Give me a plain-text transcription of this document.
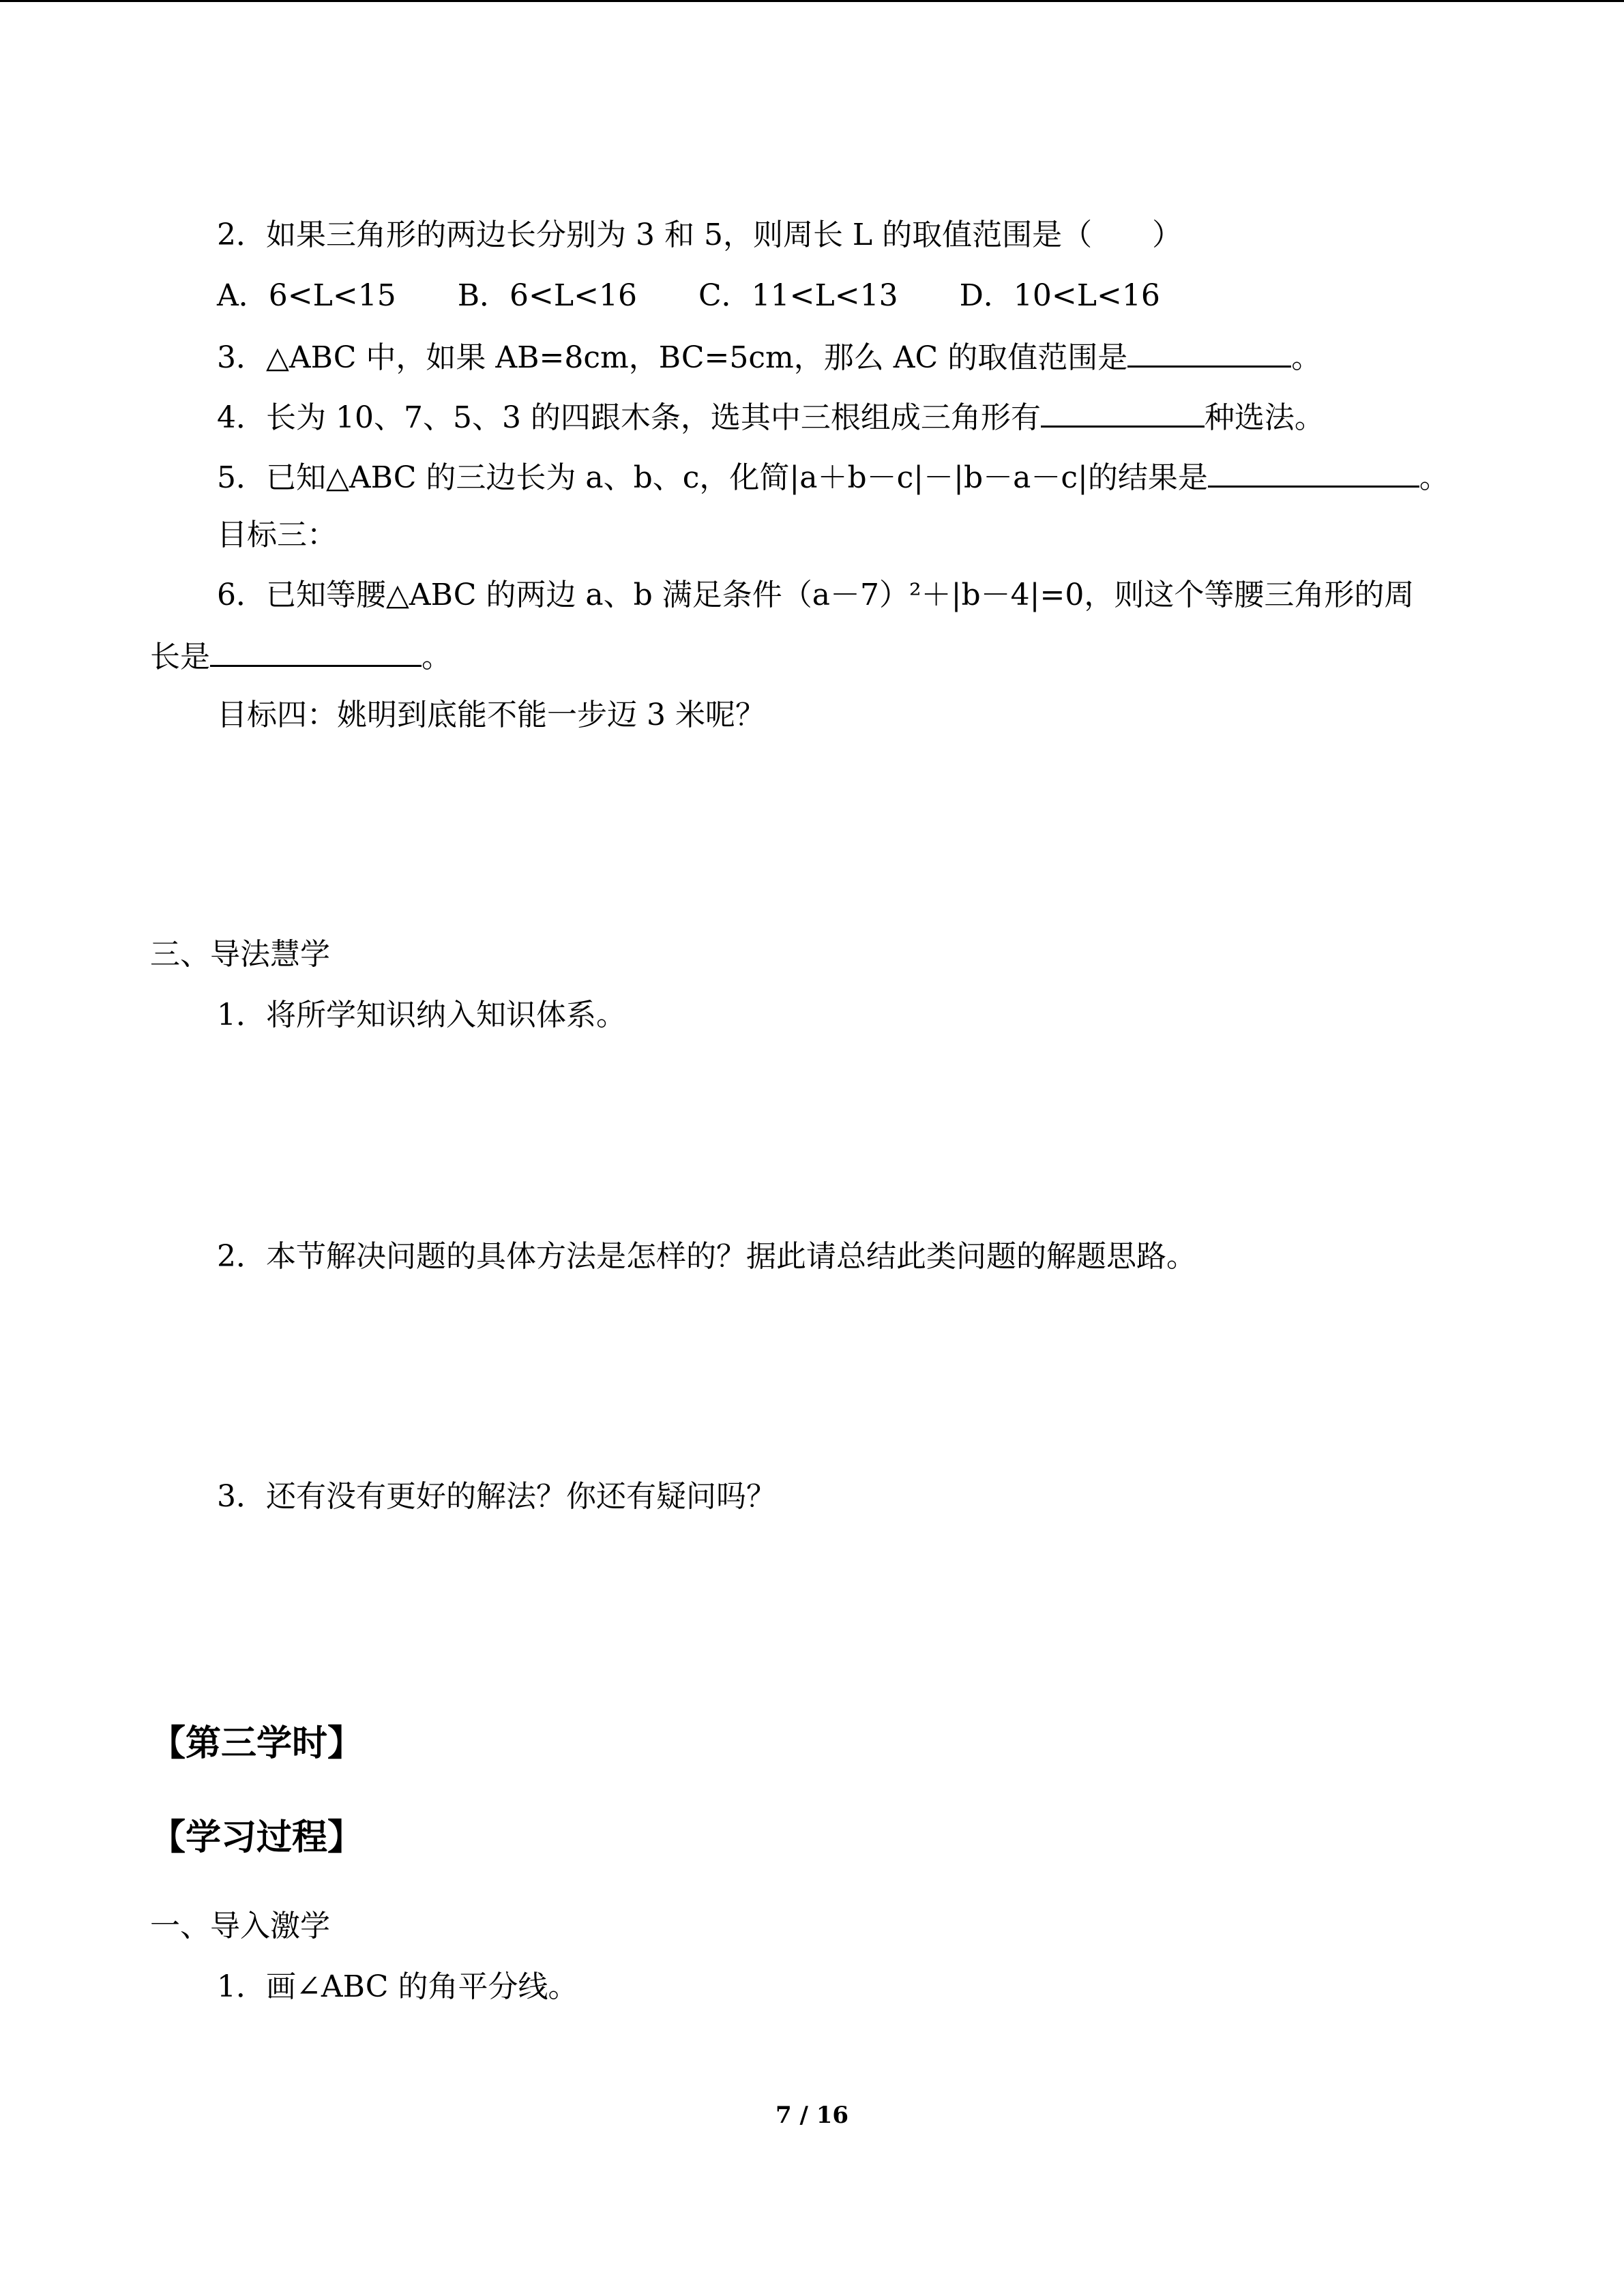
2．如果三角形的两边长分别为 3 和 5，则周长 L 的取值范围是（　　）
A．6<L<15 B．6<L<16 C．11<L<13 D．10<L<16
3．△ABC 中，如果 AB=8cm，BC=5cm，那么 AC 的取值范围是	。
4．长为 10、7、5、3 的四跟木条，选其中三根组成三角形有	种选法。
5．已知△ABC 的三边长为 a、b、c，化简|a＋b－c|－|b－a－c|的结果是	。
目标三：
6．已知等腰△ABC 的两边 a、b 满足条件（a－7）²＋|b－4|=0，则这个等腰三角形的周
长是	。
目标四：姚明到底能不能一步迈 3 米呢？
三、导法慧学
1．将所学知识纳入知识体系。
2．本节解决问题的具体方法是怎样的？据此请总结此类问题的解题思路。
3．还有没有更好的解法？你还有疑问吗？
【第三学时】
【学习过程】
一、导入激学
1．画∠ABC 的角平分线。
7 / 16
